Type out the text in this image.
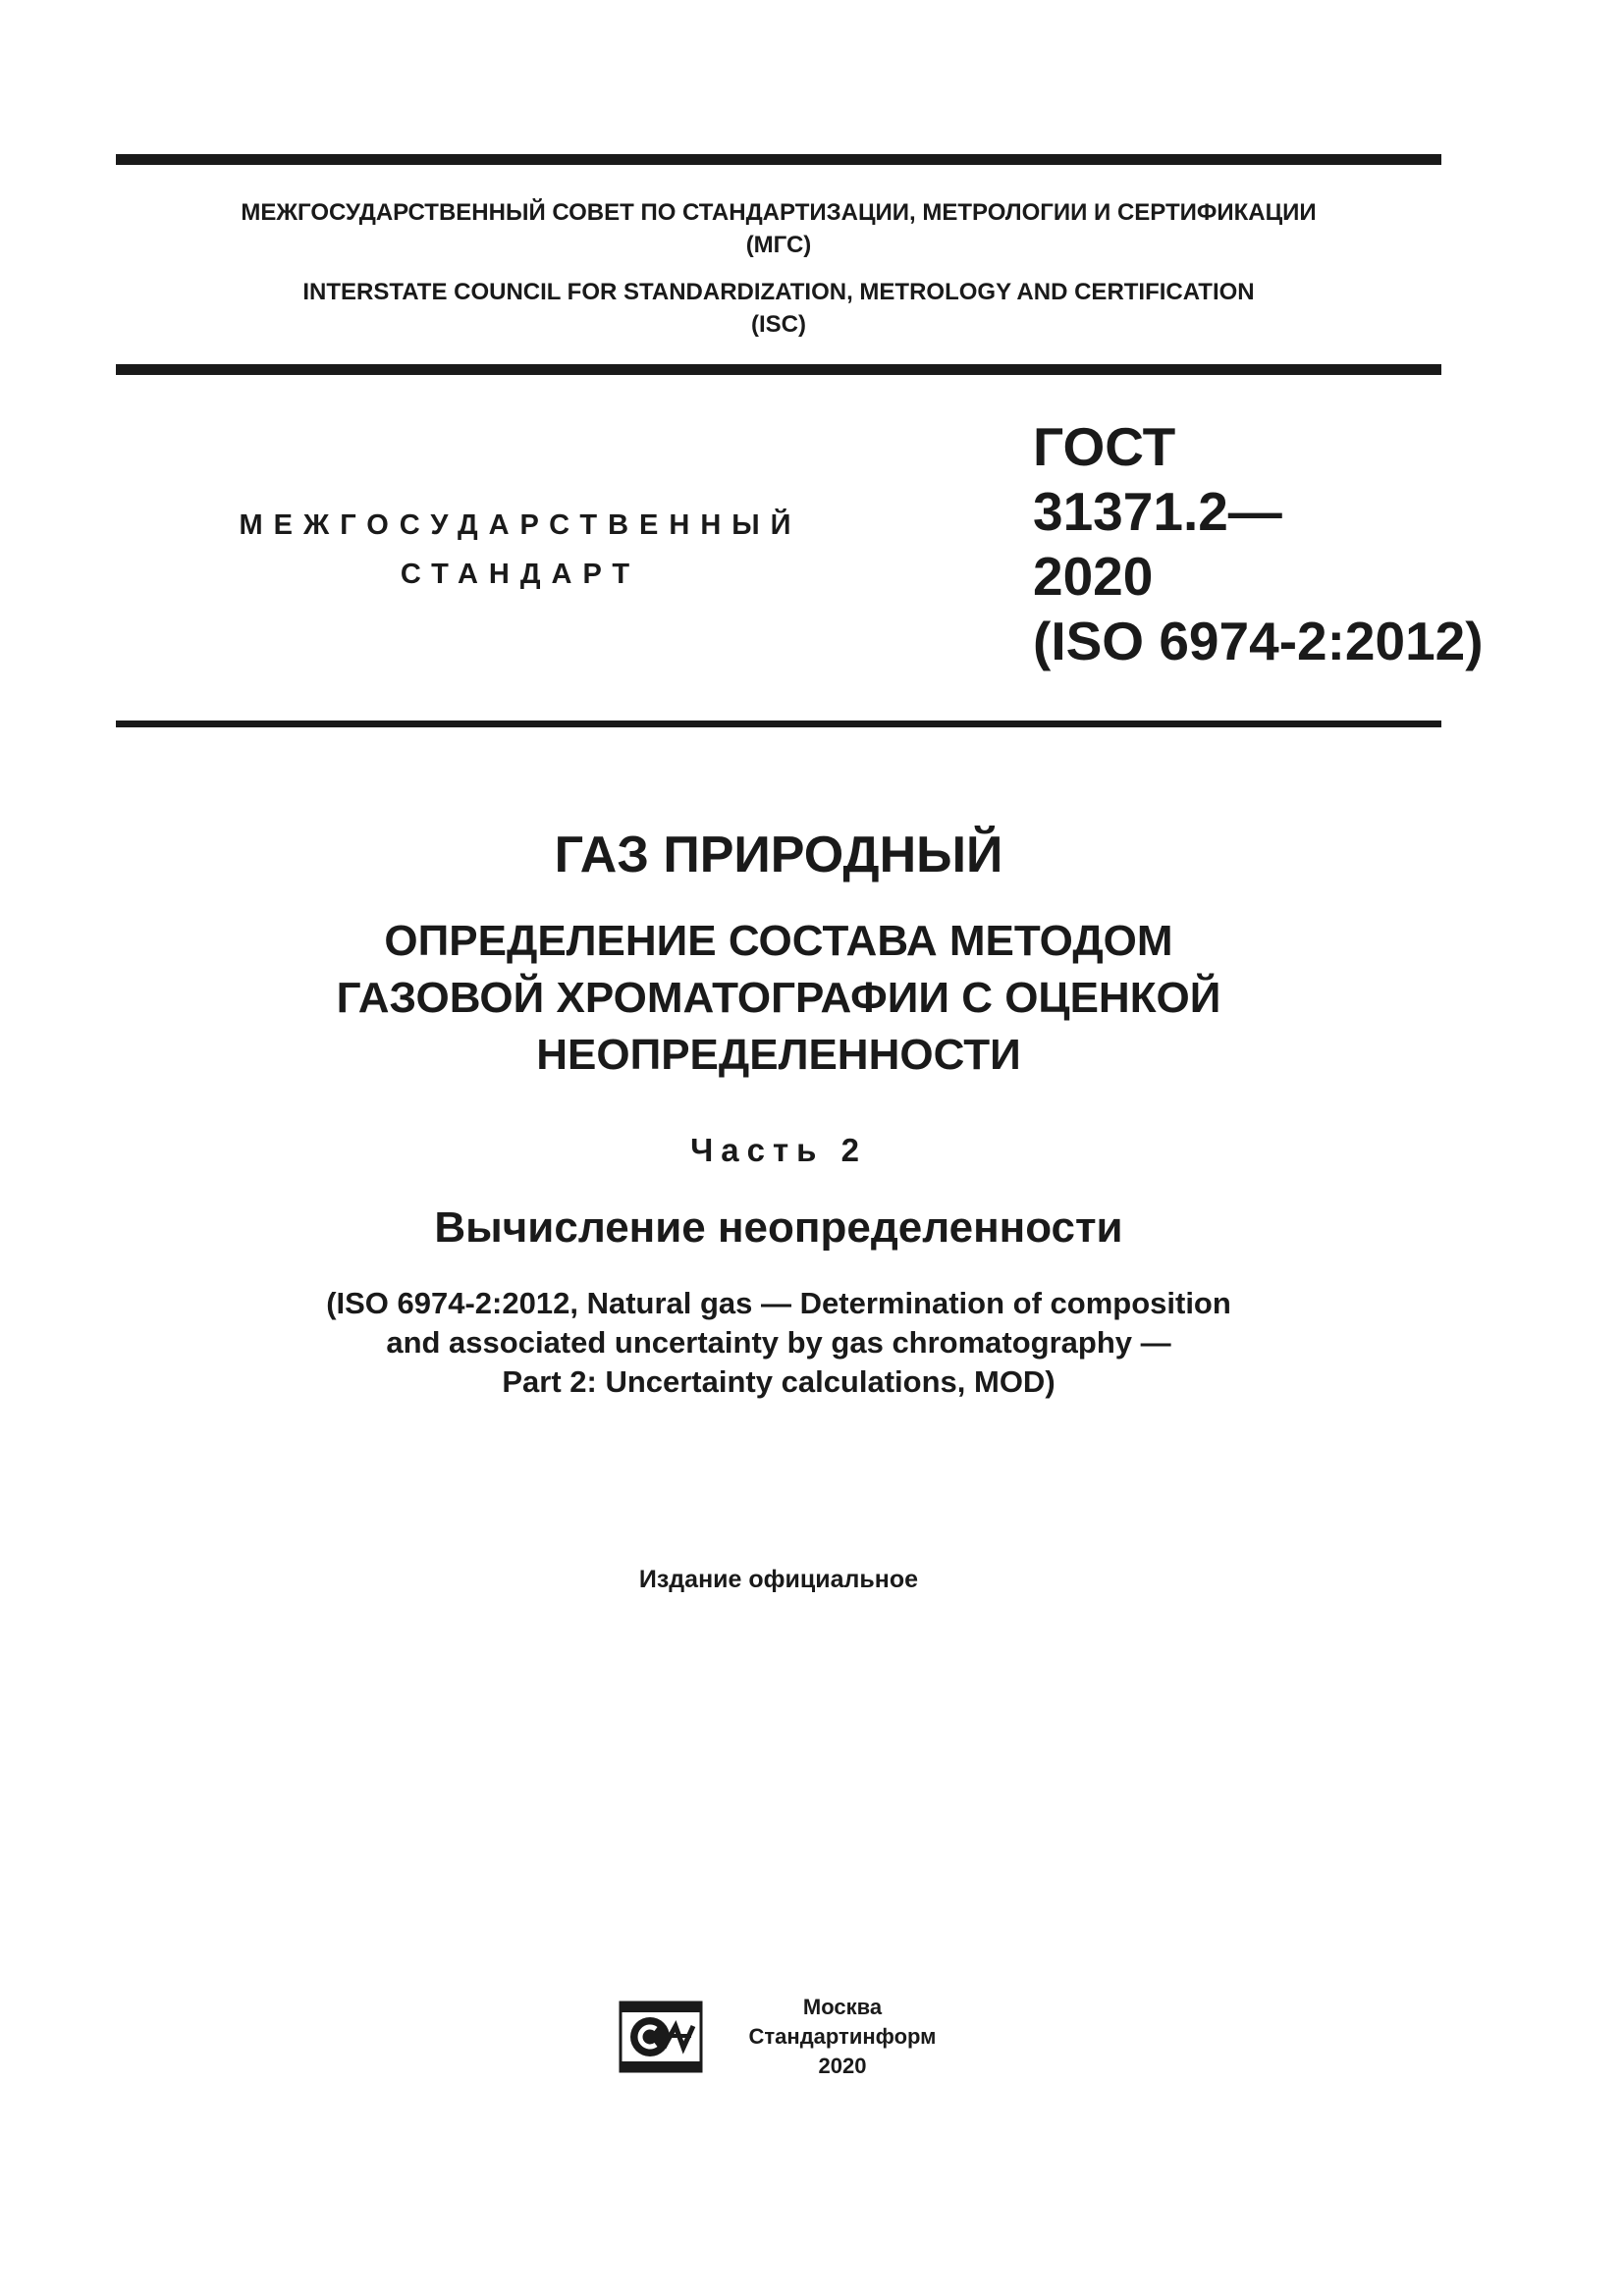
МЕЖГОСУДАРСТВЕННЫЙ СОВЕТ ПО СТАНДАРТИЗАЦИИ, МЕТРОЛОГИИ И СЕРТИФИКАЦИИ
(МГС)
INTERSTATE COUNCIL FOR STANDARDIZATION, METROLOGY AND CERTIFICATION
(ISC)
МЕЖГОСУДАРСТВЕННЫЙ
СТАНДАРТ
ГОСТ
31371.2—
2020
(ISO 6974-2:2012)
ГАЗ ПРИРОДНЫЙ
ОПРЕДЕЛЕНИЕ СОСТАВА МЕТОДОМ
ГАЗОВОЙ ХРОМАТОГРАФИИ С ОЦЕНКОЙ
НЕОПРЕДЕЛЕННОСТИ
Часть 2
Вычисление неопределенности
(ISO 6974-2:2012, Natural gas — Determination of composition
and associated uncertainty by gas chromatography —
Part 2: Uncertainty calculations, MOD)
Издание официальное
Москва
Стандартинформ
2020
